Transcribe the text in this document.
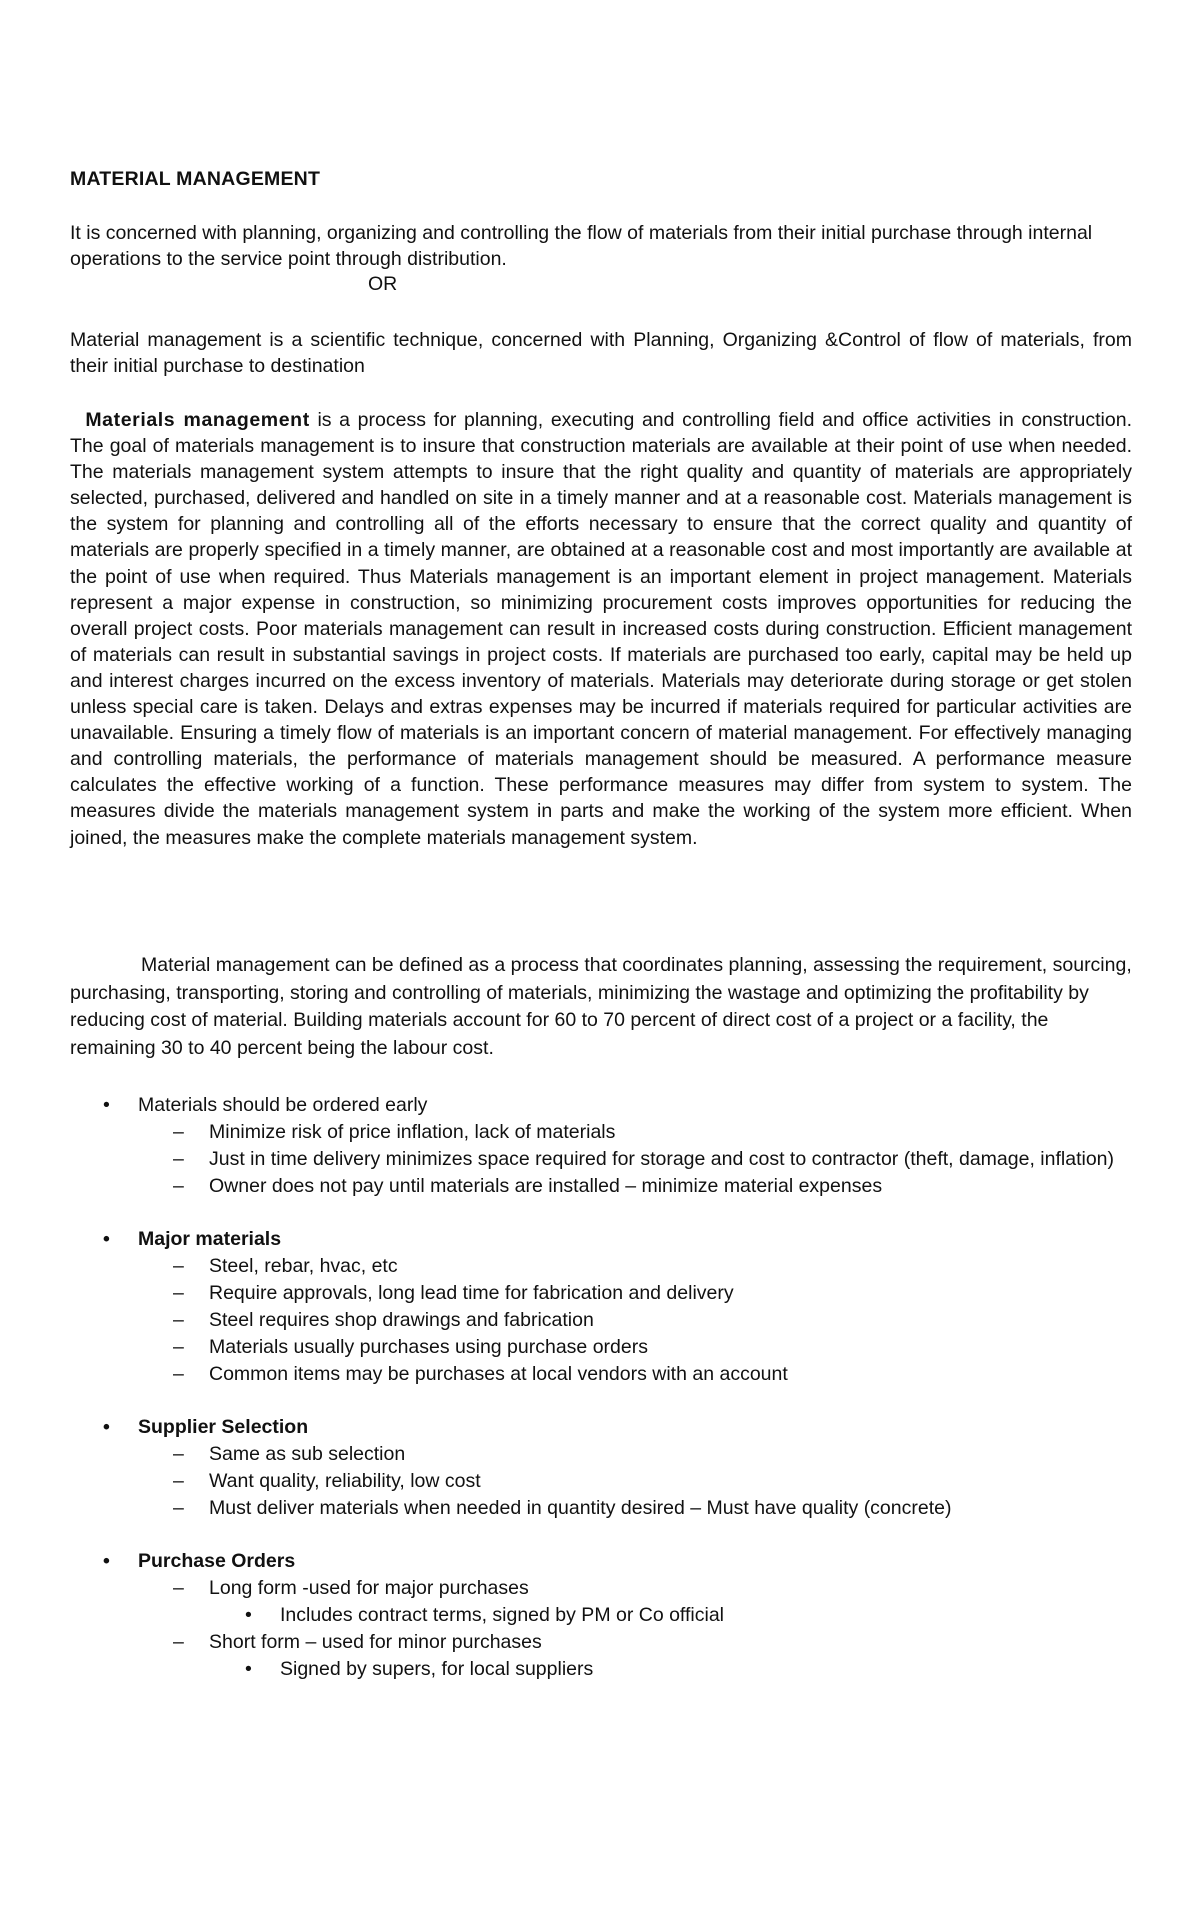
MATERIAL MANAGEMENT

It is concerned with planning, organizing and controlling the flow of materials from their initial purchase through internal operations to the service point through distribution.

OR

Material management is a scientific technique, concerned with Planning, Organizing &Control of flow of materials, from their initial purchase to destination

Materials management is a process for planning, executing and controlling field and office activities in construction. The goal of materials management is to insure that construction materials are available at their point of use when needed. The materials management system attempts to insure that the right quality and quantity of materials are appropriately selected, purchased, delivered and handled on site in a timely manner and at a reasonable cost. Materials management is the system for planning and controlling all of the efforts necessary to ensure that the correct quality and quantity of materials are properly specified in a timely manner, are obtained at a reasonable cost and most importantly are available at the point of use when required. Thus Materials management is an important element in project management. Materials represent a major expense in construction, so minimizing procurement costs improves opportunities for reducing the overall project costs. Poor materials management can result in increased costs during construction. Efficient management of materials can result in substantial savings in project costs. If materials are purchased too early, capital may be held up and interest charges incurred on the excess inventory of materials. Materials may deteriorate during storage or get stolen unless special care is taken. Delays and extras expenses may be incurred if materials required for particular activities are unavailable. Ensuring a timely flow of materials is an important concern of material management. For effectively managing and controlling materials, the performance of materials management should be measured. A performance measure calculates the effective working of a function. These performance measures may differ from system to system. The measures divide the materials management system in parts and make the working of the system more efficient. When joined, the measures make the complete materials management system.

Material management can be defined as a process that coordinates planning, assessing the requirement, sourcing, purchasing, transporting, storing and controlling of materials, minimizing the wastage and optimizing the profitability by reducing cost of material. Building materials account for 60 to 70 percent of direct cost of a project or a facility, the remaining 30 to 40 percent being the labour cost.

• Materials should be ordered early
– Minimize risk of price inflation, lack of materials
– Just in time delivery minimizes space required for storage and cost to contractor (theft, damage, inflation)
– Owner does not pay until materials are installed – minimize material expenses
• Major materials
– Steel, rebar, hvac, etc
– Require approvals, long lead time for fabrication and delivery
– Steel requires shop drawings and fabrication
– Materials usually purchases using purchase orders
– Common items may be purchases at local vendors with an account
• Supplier Selection
– Same as sub selection
– Want quality, reliability, low cost
– Must deliver materials when needed in quantity desired – Must have quality (concrete)
• Purchase Orders
– Long form -used for major purchases
• Includes contract terms, signed by PM or Co official
– Short form – used for minor purchases
• Signed by supers, for local suppliers
